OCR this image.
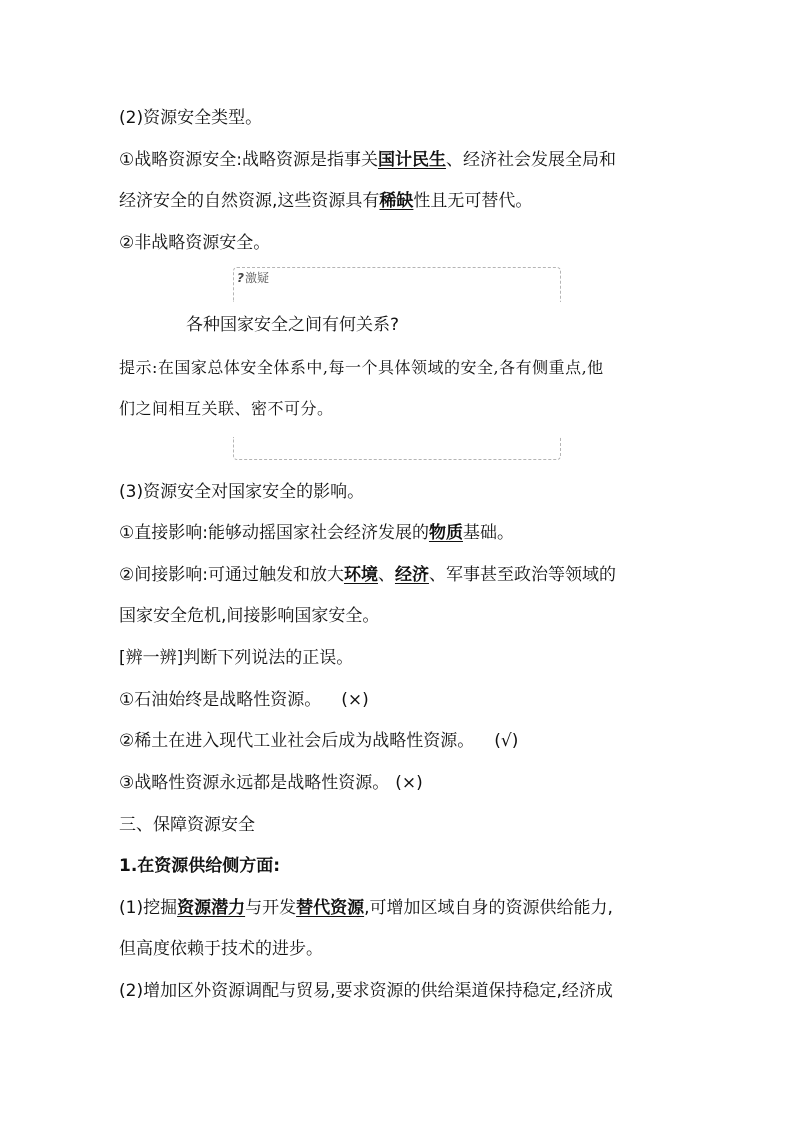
(2)资源安全类型。
①战略资源安全:战略资源是指事关国计民生、经济社会发展全局和
经济安全的自然资源,这些资源具有稀缺性且无可替代。
②非战略资源安全。
?激疑
各种国家安全之间有何关系?
提示:在国家总体安全体系中,每一个具体领域的安全,各有侧重点,他
们之间相互关联、密不可分。
(3)资源安全对国家安全的影响。
①直接影响:能够动摇国家社会经济发展的物质基础。
②间接影响:可通过触发和放大环境、经济、军事甚至政治等领域的
国家安全危机,间接影响国家安全。
[辨一辨]判断下列说法的正误。
①石油始终是战略性资源。 (×)
②稀土在进入现代工业社会后成为战略性资源。 (√)
③战略性资源永远都是战略性资源。 (×)
三、保障资源安全
1.在资源供给侧方面:
(1)挖掘资源潜力与开发替代资源,可增加区域自身的资源供给能力,
但高度依赖于技术的进步。
(2)增加区外资源调配与贸易,要求资源的供给渠道保持稳定,经济成
